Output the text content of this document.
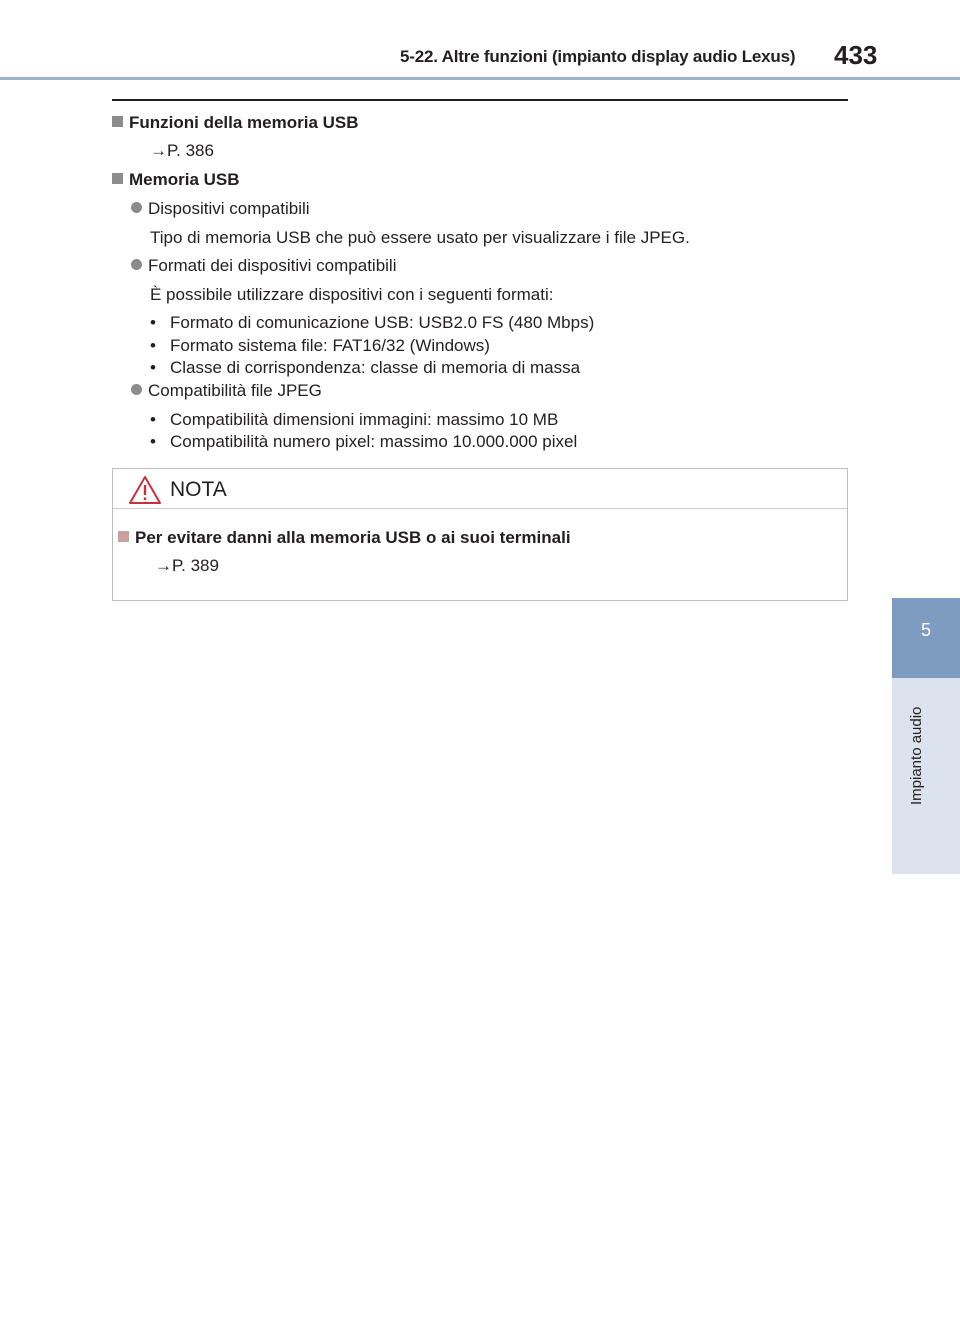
5-22. Altre funzioni (impianto display audio Lexus) 433
5
Impianto audio
Funzioni della memoria USB
→P. 386
Memoria USB
Dispositivi compatibili
Tipo di memoria USB che può essere usato per visualizzare i file JPEG.
Formati dei dispositivi compatibili
È possibile utilizzare dispositivi con i seguenti formati:
• Formato di comunicazione USB: USB2.0 FS (480 Mbps)
• Formato sistema file: FAT16/32 (Windows)
• Classe di corrispondenza: classe di memoria di massa
Compatibilità file JPEG
• Compatibilità dimensioni immagini: massimo 10 MB
• Compatibilità numero pixel: massimo 10.000.000 pixel
NOTA
Per evitare danni alla memoria USB o ai suoi terminali
→P. 389
